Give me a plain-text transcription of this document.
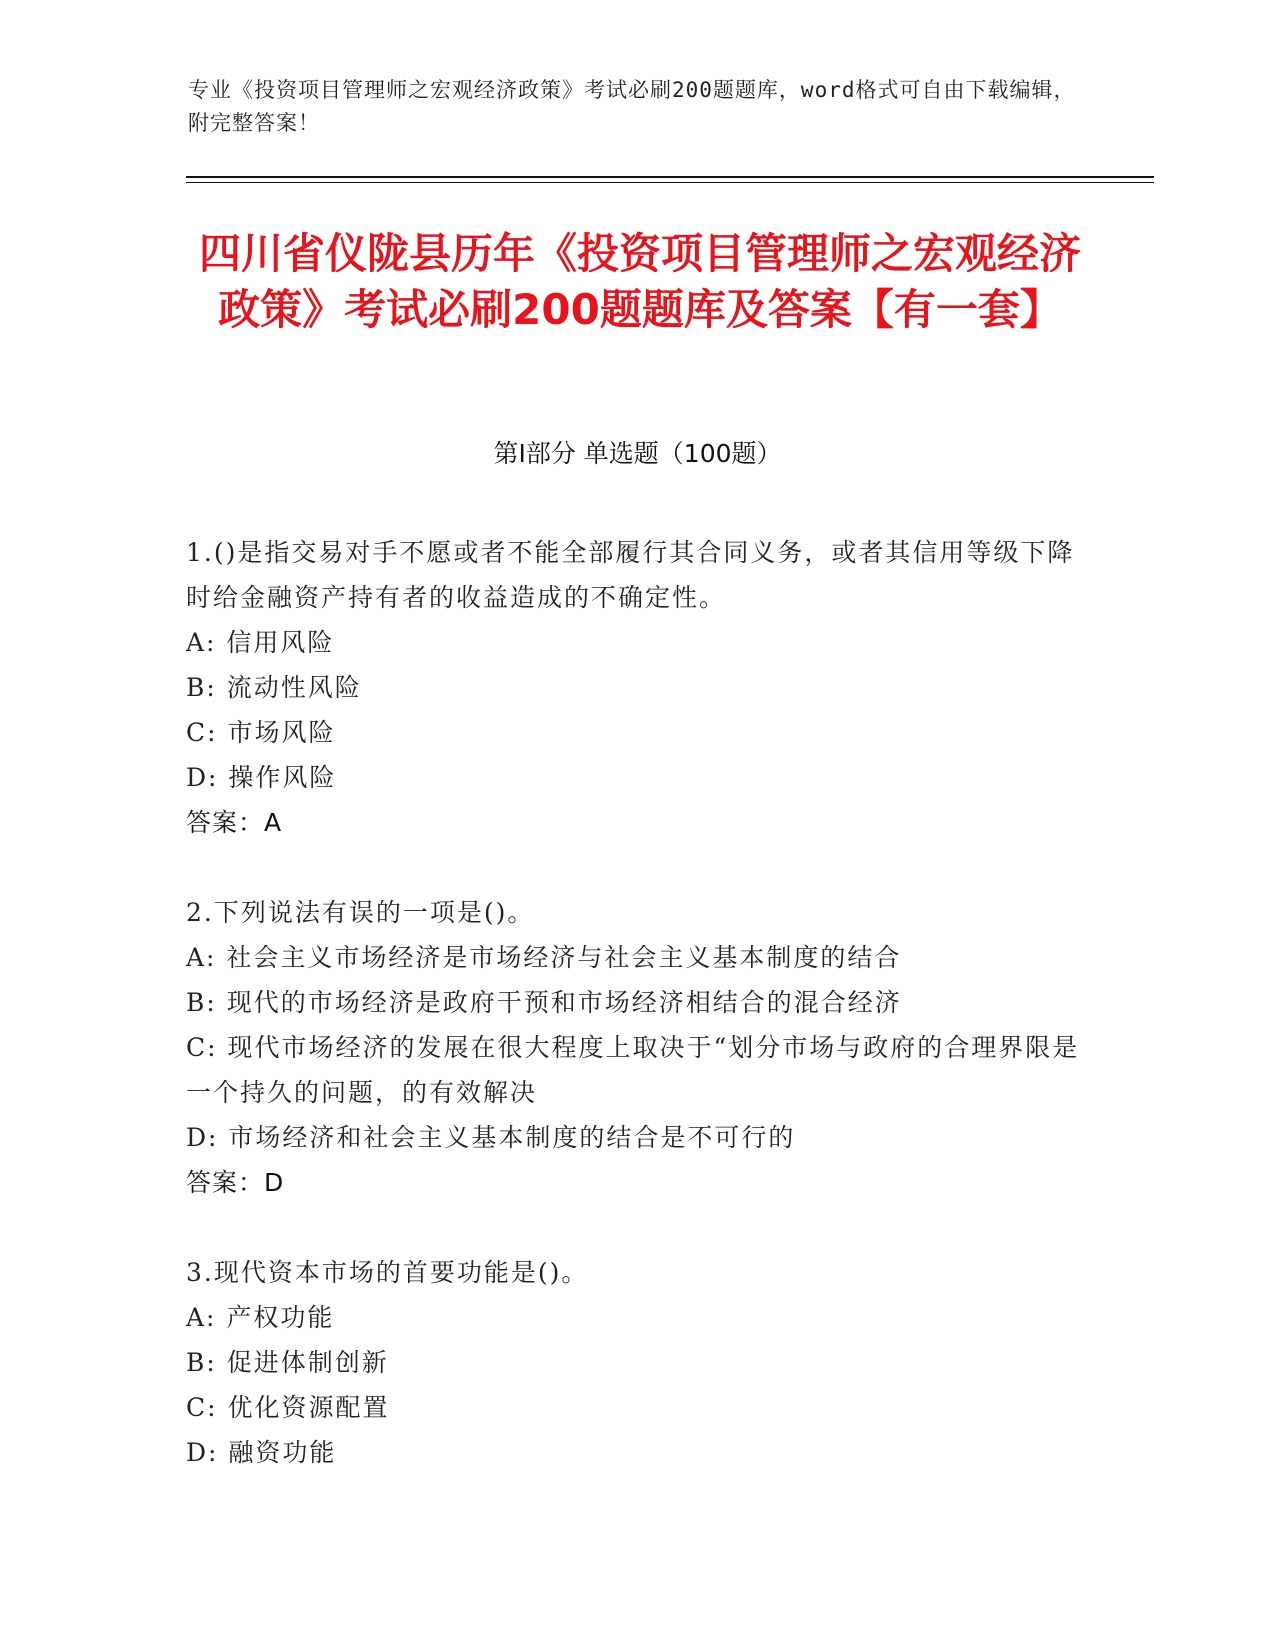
专业《投资项目管理师之宏观经济政策》考试必刷200题题库，word格式可自由下载编辑，附完整答案！
四川省仪陇县历年《投资项目管理师之宏观经济政策》考试必刷200题题库及答案【有一套】
第Ⅰ部分 单选题（100题）

1.()是指交易对手不愿或者不能全部履行其合同义务，或者其信用等级下降时给金融资产持有者的收益造成的不确定性。

A: 信用风险

B: 流动性风险

C: 市场风险

D: 操作风险

答案：A

2.下列说法有误的一项是()。

A: 社会主义市场经济是市场经济与社会主义基本制度的结合

B: 现代的市场经济是政府干预和市场经济相结合的混合经济

C: 现代市场经济的发展在很大程度上取决于“划分市场与政府的合理界限是一个持久的问题，的有效解决

D: 市场经济和社会主义基本制度的结合是不可行的

答案：D

3.现代资本市场的首要功能是()。

A: 产权功能

B: 促进体制创新

C: 优化资源配置

D: 融资功能
